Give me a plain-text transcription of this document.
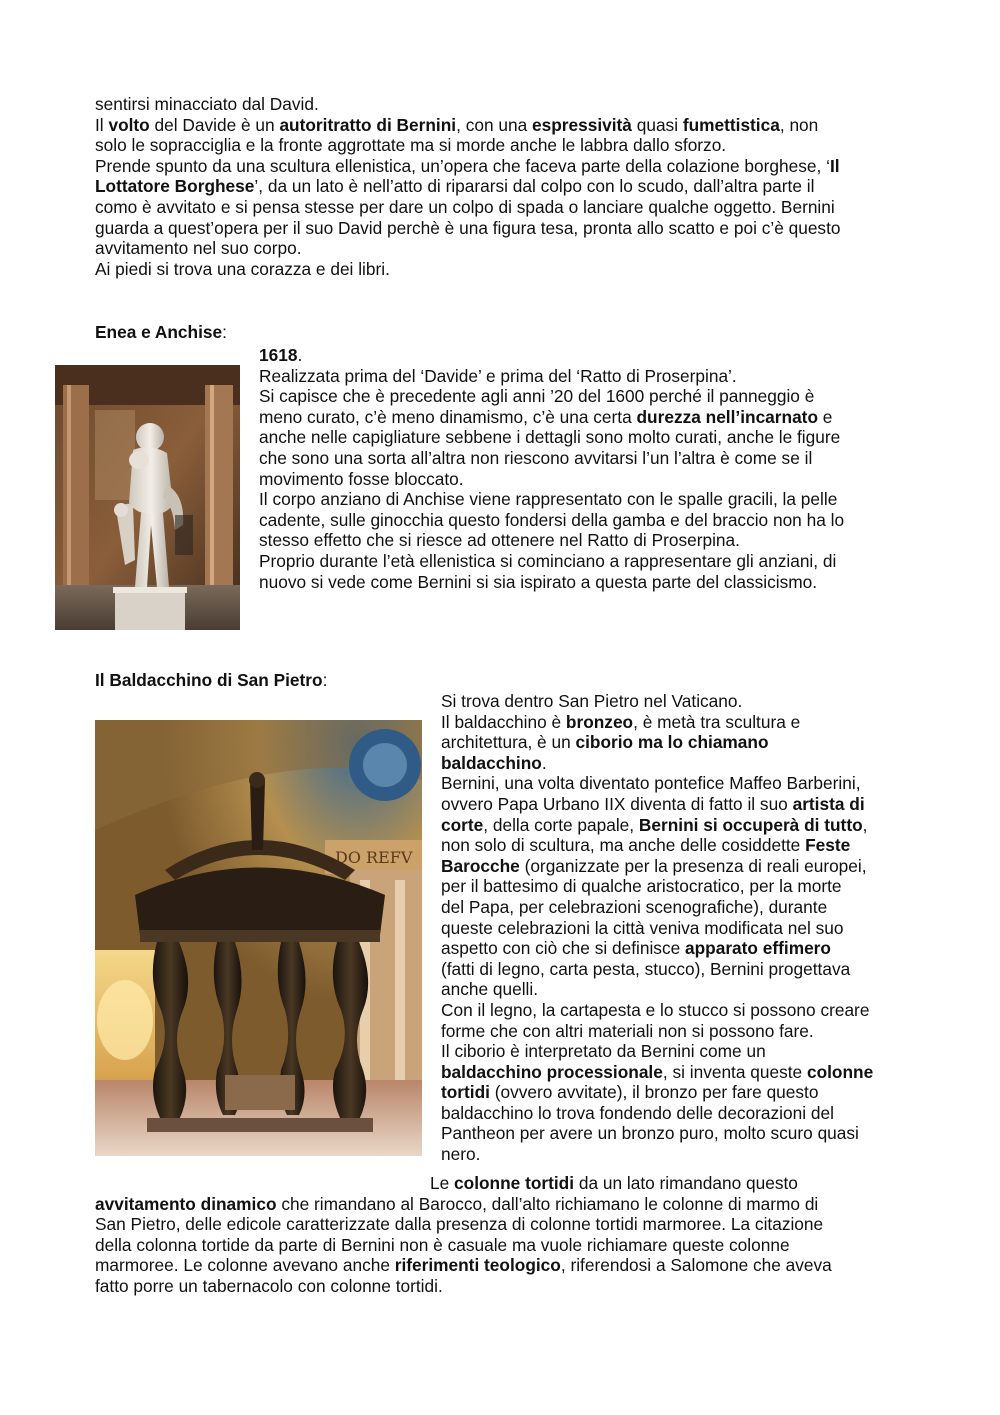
sentirsi minacciato dal David.
Il volto del Davide è un autoritratto di Bernini, con una espressività quasi fumettistica, non
solo le sopracciglia e la fronte aggrottate ma si morde anche le labbra dallo sforzo.
Prende spunto da una scultura ellenistica, un’opera che faceva parte della colazione borghese, ‘Il
Lottatore Borghese’, da un lato è nell’atto di ripararsi dal colpo con lo scudo, dall’altra parte il
como è avvitato e si pensa stesse per dare un colpo di spada o lanciare qualche oggetto. Bernini
guarda a quest’opera per il suo David perchè è una figura tesa, pronta allo scatto e poi c’è questo
avvitamento nel suo corpo.
Ai piedi si trova una corazza e dei libri.
Enea e Anchise:
1618.
Realizzata prima del ‘Davide’ e prima del ‘Ratto di Proserpina’.
Si capisce che è precedente agli anni ’20 del 1600 perché il panneggio è
meno curato, c’è meno dinamismo, c’è una certa durezza nell’incarnato e
anche nelle capigliature sebbene i dettagli sono molto curati, anche le figure
che sono una sorta all’altra non riescono avvitarsi l’un l’altra è come se il
movimento fosse bloccato.
Il corpo anziano di Anchise viene rappresentato con le spalle gracili, la pelle
cadente, sulle ginocchia questo fondersi della gamba e del braccio non ha lo
stesso effetto che si riesce ad ottenere nel Ratto di Proserpina.
Proprio durante l’età ellenistica si cominciano a rappresentare gli anziani, di
nuovo si vede come Bernini si sia ispirato a questa parte del classicismo.
Il Baldacchino di San Pietro:
DO REFV
Si trova dentro San Pietro nel Vaticano.
Il baldacchino è bronzeo, è metà tra scultura e
architettura, è un ciborio ma lo chiamano
baldacchino.
Bernini, una volta diventato pontefice Maffeo Barberini,
ovvero Papa Urbano IIX diventa di fatto il suo artista di
corte, della corte papale, Bernini si occuperà di tutto,
non solo di scultura, ma anche delle cosiddette Feste
Barocche (organizzate per la presenza di reali europei,
per il battesimo di qualche aristocratico, per la morte
del Papa, per celebrazioni scenografiche), durante
queste celebrazioni la città veniva modificata nel suo
aspetto con ciò che si definisce apparato effimero
(fatti di legno, carta pesta, stucco), Bernini progettava
anche quelli.
Con il legno, la cartapesta e lo stucco si possono creare
forme che con altri materiali non si possono fare.
Il ciborio è interpretato da Bernini come un
baldacchino processionale, si inventa queste colonne
tortidi (ovvero avvitate), il bronzo per fare questo
baldacchino lo trova fondendo delle decorazioni del
Pantheon per avere un bronzo puro, molto scuro quasi
nero.
Le colonne tortidi da un lato rimandano questo
avvitamento dinamico che rimandano al Barocco, dall’alto richiamano le colonne di marmo di
San Pietro, delle edicole caratterizzate dalla presenza di colonne tortidi marmoree. La citazione
della colonna tortide da parte di Bernini non è casuale ma vuole richiamare queste colonne
marmoree. Le colonne avevano anche riferimenti teologico, riferendosi a Salomone che aveva
fatto porre un tabernacolo con colonne tortidi.
